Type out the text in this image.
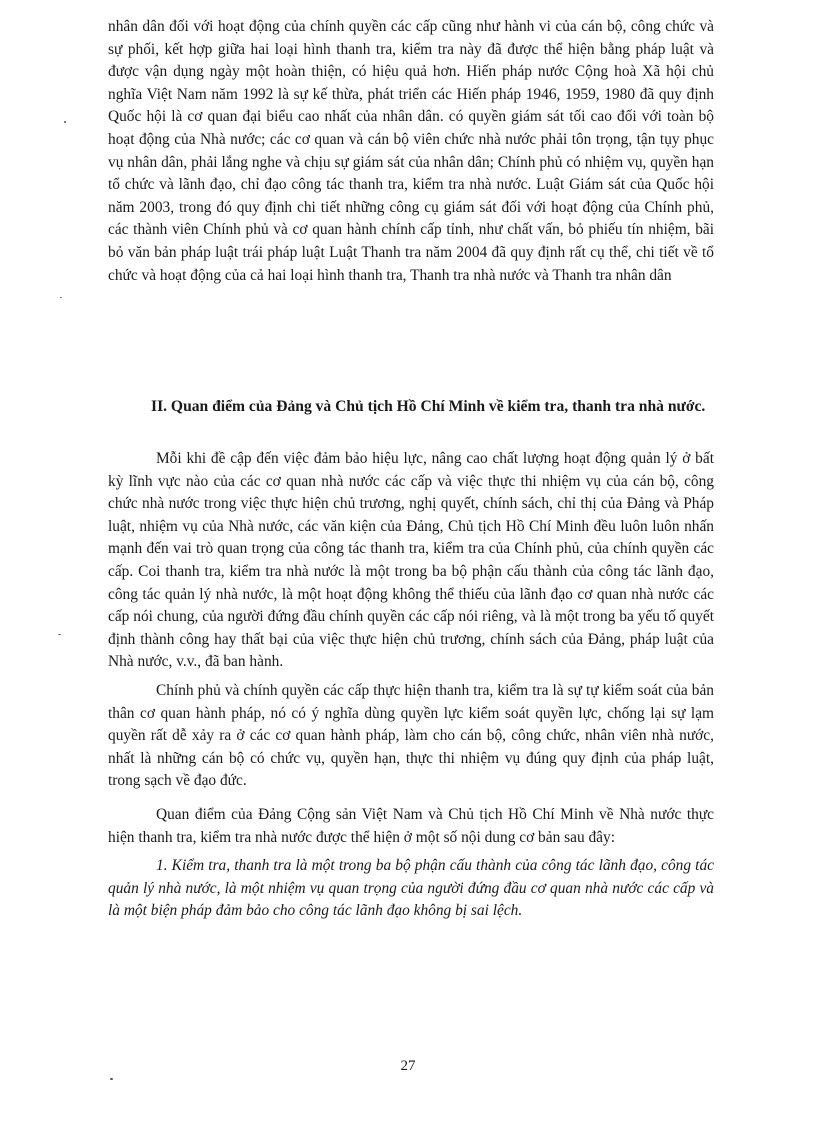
nhân dân đối với hoạt động của chính quyền các cấp cũng như hành vi của cán bộ, công chức và sự phối, kết hợp giữa hai loại hình thanh tra, kiểm tra này đã được thể hiện bằng pháp luật và được vận dụng ngày một hoàn thiện, có hiệu quả hơn. Hiến pháp nước Cộng hoà Xã hội chủ nghĩa Việt Nam năm 1992 là sự kế thừa, phát triển các Hiến pháp 1946, 1959, 1980 đã quy định Quốc hội là cơ quan đại biểu cao nhất của nhân dân. có quyền giám sát tối cao đối với toàn bộ hoạt động của Nhà nước; các cơ quan và cán bộ viên chức nhà nước phải tôn trọng, tận tụy phục vụ nhân dân, phải lắng nghe và chịu sự giám sát của nhân dân; Chính phủ có nhiệm vụ, quyền hạn tổ chức và lãnh đạo, chỉ đạo công tác thanh tra, kiểm tra nhà nước. Luật Giám sát của Quốc hội năm 2003, trong đó quy định chi tiết những công cụ giám sát đối với hoạt động của Chính phủ, các thành viên Chính phủ và cơ quan hành chính cấp tỉnh, như chất vấn, bỏ phiếu tín nhiệm, bãi bỏ văn bản pháp luật trái pháp luật Luật Thanh tra năm 2004 đã quy định rất cụ thể, chi tiết về tổ chức và hoạt động của cả hai loại hình thanh tra, Thanh tra nhà nước và Thanh tra nhân dân

II. Quan điểm của Đảng và Chủ tịch Hồ Chí Minh về kiểm tra, thanh tra nhà nước.

Mỗi khi đề cập đến việc đảm bảo hiệu lực, nâng cao chất lượng hoạt động quản lý ở bất kỳ lĩnh vực nào của các cơ quan nhà nước các cấp và việc thực thi nhiệm vụ của cán bộ, công chức nhà nước trong việc thực hiện chủ trương, nghị quyết, chính sách, chỉ thị của Đảng và Pháp luật, nhiệm vụ của Nhà nước, các văn kiện của Đảng, Chủ tịch Hồ Chí Minh đều luôn luôn nhấn mạnh đến vai trò quan trọng của công tác thanh tra, kiểm tra của Chính phủ, của chính quyền các cấp. Coi thanh tra, kiểm tra nhà nước là một trong ba bộ phận cấu thành của công tác lãnh đạo, công tác quản lý nhà nước, là một hoạt động không thể thiếu của lãnh đạo cơ quan nhà nước các cấp nói chung, của người đứng đầu chính quyền các cấp nói riêng, và là một trong ba yếu tố quyết định thành công hay thất bại của việc thực hiện chủ trương, chính sách của Đảng, pháp luật của Nhà nước, v.v., đã ban hành.

Chính phủ và chính quyền các cấp thực hiện thanh tra, kiểm tra là sự tự kiểm soát của bản thân cơ quan hành pháp, nó có ý nghĩa dùng quyền lực kiểm soát quyền lực, chống lại sự lạm quyền rất dễ xảy ra ở các cơ quan hành pháp, làm cho cán bộ, công chức, nhân viên nhà nước, nhất là những cán bộ có chức vụ, quyền hạn, thực thi nhiệm vụ đúng quy định của pháp luật, trong sạch về đạo đức.

Quan điểm của Đảng Cộng sản Việt Nam và Chủ tịch Hồ Chí Minh về Nhà nước thực hiện thanh tra, kiểm tra nhà nước được thể hiện ở một số nội dung cơ bản sau đây:

1. Kiểm tra, thanh tra là một trong ba bộ phận cấu thành của công tác lãnh đạo, công tác quản lý nhà nước, là một nhiệm vụ quan trọng của người đứng đầu cơ quan nhà nước các cấp và là một biện pháp đảm bảo cho công tác lãnh đạo không bị sai lệch.

27
